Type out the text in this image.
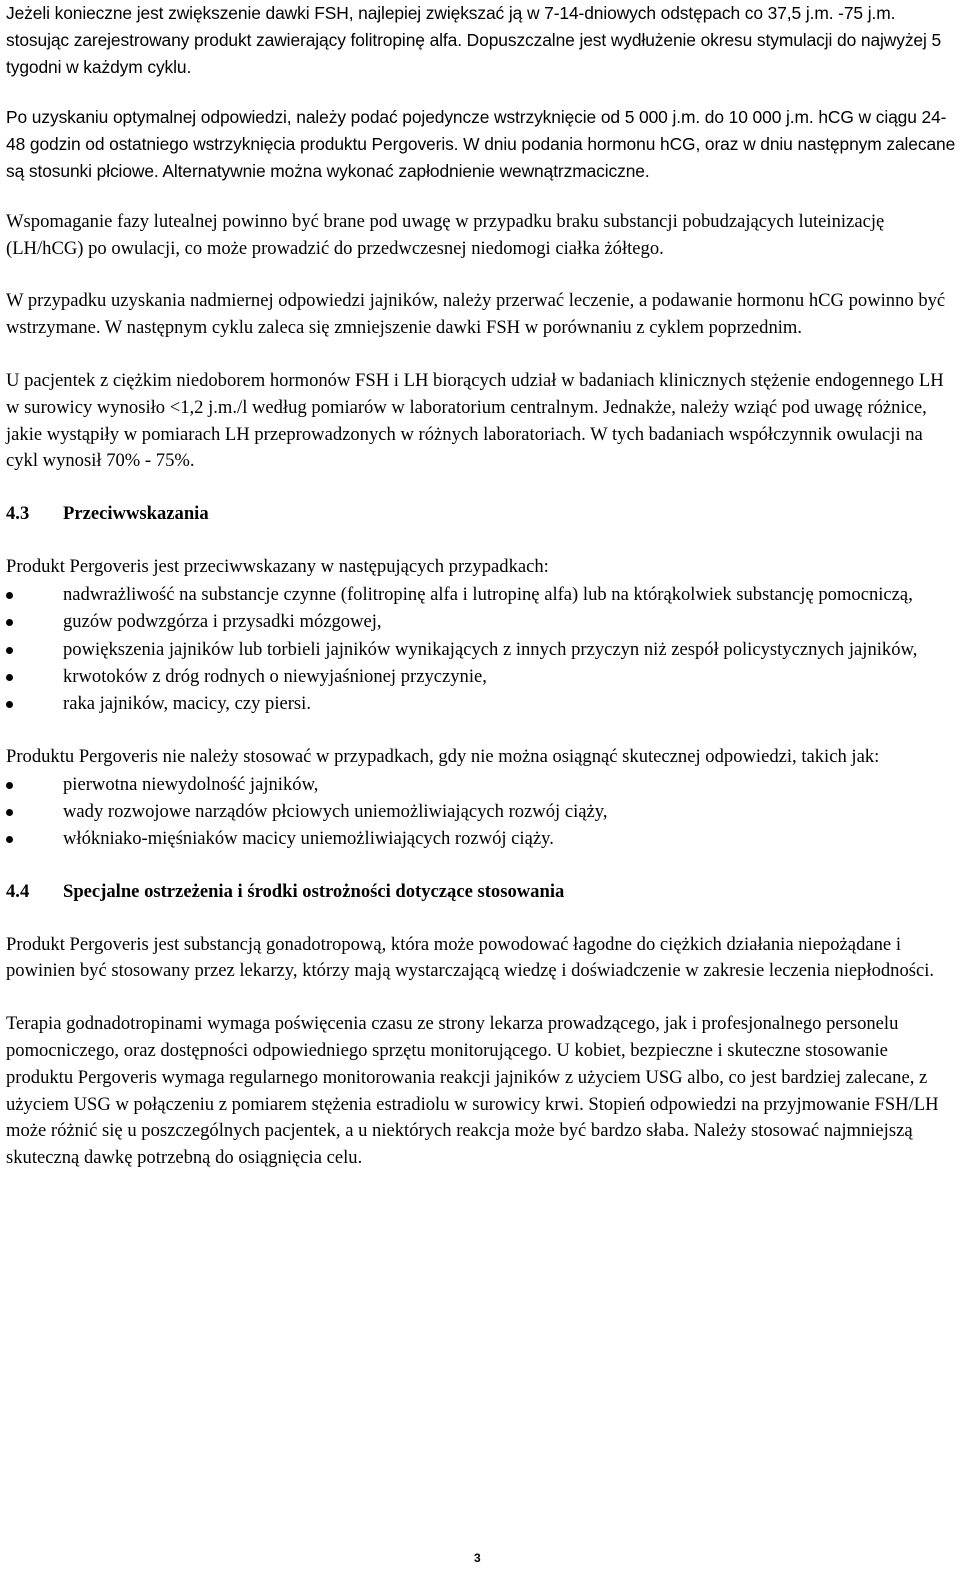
Jeżeli konieczne jest zwiększenie dawki FSH, najlepiej zwiększać ją w 7-14-dniowych odstępach co 37,5 j.m. -75 j.m. stosując zarejestrowany produkt zawierający folitropinę alfa. Dopuszczalne jest wydłużenie okresu stymulacji do najwyżej 5 tygodni w każdym cyklu.

Po uzyskaniu optymalnej odpowiedzi, należy podać pojedyncze wstrzyknięcie od 5 000 j.m. do 10 000 j.m. hCG w ciągu 24-48 godzin od ostatniego wstrzyknięcia produktu Pergoveris. W dniu podania hormonu hCG, oraz w dniu następnym zalecane są stosunki płciowe. Alternatywnie można wykonać zapłodnienie wewnątrzmaciczne.

Wspomaganie fazy lutealnej powinno być brane pod uwagę w przypadku braku substancji pobudzających luteinizację (LH/hCG) po owulacji, co może prowadzić do przedwczesnej niedomogi ciałka żółtego.

W przypadku uzyskania nadmiernej odpowiedzi jajników, należy przerwać leczenie, a podawanie hormonu hCG powinno być wstrzymane. W następnym cyklu zaleca się zmniejszenie dawki FSH w porównaniu z cyklem poprzednim.

U pacjentek z ciężkim niedoborem hormonów FSH i LH biorących udział w badaniach klinicznych stężenie endogennego LH w surowicy wynosiło <1,2 j.m./l według pomiarów w laboratorium centralnym. Jednakże, należy wziąć pod uwagę różnice, jakie wystąpiły w pomiarach LH przeprowadzonych w różnych laboratoriach. W tych badaniach współczynnik owulacji na cykl wynosił 70% - 75%.

4.3	Przeciwwskazania

Produkt Pergoveris jest przeciwwskazany w następujących przypadkach:

nadwrażliwość na substancje czynne (folitropinę alfa i lutropinę alfa) lub na którąkolwiek substancję pomocniczą,
guzów podwzgórza i przysadki mózgowej,
powiększenia jajników lub torbieli jajników wynikających z innych przyczyn niż zespół policystycznych jajników,
krwotoków z dróg rodnych o niewyjaśnionej przyczynie,
raka jajników, macicy, czy piersi.

Produktu Pergoveris nie należy stosować w przypadkach, gdy nie można osiągnąć skutecznej odpowiedzi, takich jak:

pierwotna niewydolność jajników,
wady rozwojowe narządów płciowych uniemożliwiających rozwój ciąży,
włókniako-mięśniaków macicy uniemożliwiających rozwój ciąży.
4.4	Specjalne ostrzeżenia i środki ostrożności dotyczące stosowania

Produkt Pergoveris jest substancją gonadotropową, która może powodować łagodne do ciężkich działania niepożądane i powinien być stosowany przez lekarzy, którzy mają wystarczającą wiedzę i doświadczenie w zakresie leczenia niepłodności.

Terapia godnadotropinami wymaga poświęcenia czasu ze strony lekarza prowadzącego, jak i profesjonalnego personelu pomocniczego, oraz dostępności odpowiedniego sprzętu monitorującego. U kobiet, bezpieczne i skuteczne stosowanie produktu Pergoveris wymaga regularnego monitorowania reakcji jajników z użyciem USG albo, co jest bardziej zalecane, z użyciem USG w połączeniu z pomiarem stężenia estradiolu w surowicy krwi. Stopień odpowiedzi na przyjmowanie FSH/LH może różnić się u poszczególnych pacjentek, a u niektórych reakcja może być bardzo słaba. Należy stosować najmniejszą skuteczną dawkę potrzebną do osiągnięcia celu.

3
